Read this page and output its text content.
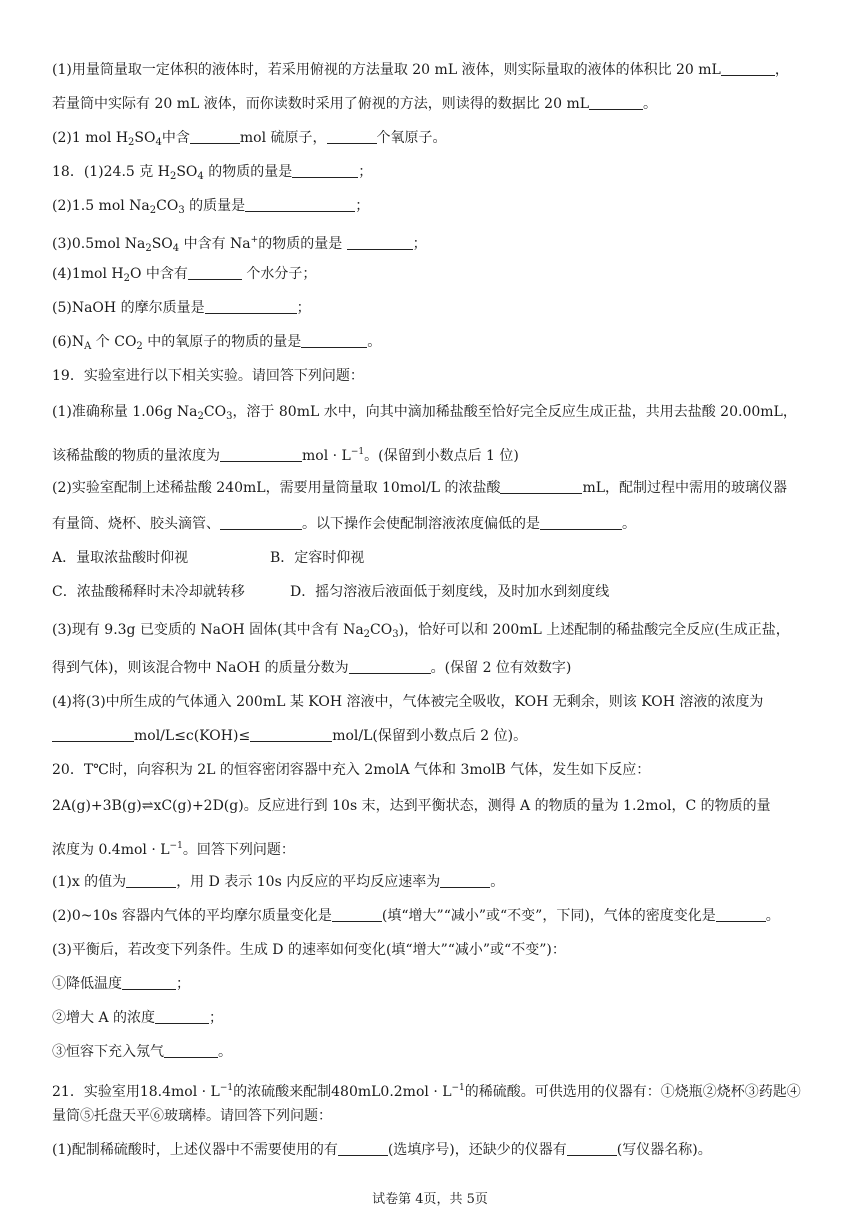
(1)用量筒量取一定体积的液体时，若采用俯视的方法量取 20 mL 液体，则实际量取的液体的体积比 20 mL	，
若量筒中实际有 20 mL 液体，而你读数时采用了俯视的方法，则读得的数据比 20 mL	。
(2)1 mol $H_2SO_4$中含	mol 硫原子，	个氧原子。
18．(1)24.5 克 $H_2SO_4$ 的物质的量是	；
(2)1.5 mol $Na_2CO_3$ 的质量是	；
(3)0.5mol $Na_2SO_4$ 中含有 Na+的物质的量是	；
(4)1mol $H_2O$ 中含有	个水分子；
(5)NaOH 的摩尔质量是	；
$(6)N_A$ 个 $CO_2$ 中的氧原子的物质的量是	。
19．实验室进行以下相关实验。请回答下列问题：
(1)准确称量 1.06g $Na_2CO_3$，溶于 80mL 水中，向其中滴加稀盐酸至恰好完全反应生成正盐，共用去盐酸 20.00mL，
该稀盐酸的物质的量浓度为	mol · $L^{-1}$。(保留到小数点后 1 位)
(2)实验室配制上述稀盐酸 240mL，需要用量筒量取 10mol/L 的浓盐酸	mL，配制过程中需用的玻璃仪器
有量筒、烧杯、胶头滴管、	。以下操作会使配制溶液浓度偏低的是	。
A．量取浓盐酸时仰视	B．定容时仰视
C．浓盐酸稀释时未冷却就转移	D．摇匀溶液后液面低于刻度线，及时加水到刻度线
(3)现有 9.3g 已变质的 NaOH 固体(其中含有 $Na_2CO_3$)，恰好可以和 200mL 上述配制的稀盐酸完全反应(生成正盐，
得到气体)，则该混合物中 NaOH 的质量分数为	。(保留 2 位有效数字)
(4)将(3)中所生成的气体通入 200mL 某 KOH 溶液中，气体被完全吸收，KOH 无剩余，则该 KOH 溶液的浓度为
mol/L≤c(KOH)≤	mol/L(保留到小数点后 2 位)。
20．T℃时，向容积为 2L 的恒容密闭容器中充入 2molA 气体和 3molB 气体，发生如下反应：
2A(g)+3B(g)⇌xC(g)+2D(g)。反应进行到 10s 末，达到平衡状态，测得 A 的物质的量为 1.2mol，C 的物质的量
浓度为 $0.4mol \cdot L^{-1}$。回答下列问题：
(1)x 的值为	，用 D 表示 10s 内反应的平均反应速率为	。
(2)0~10s 容器内气体的平均摩尔质量变化是	(填“增大”“减小”或“不变”，下同)，气体的密度变化是	。
(3)平衡后，若改变下列条件。生成 D 的速率如何变化(填“增大”“减小”或“不变”)：
①降低温度	；
②增大 A 的浓度	；
③恒容下充入氖气	。
21．实验室用$18.4mol \cdot L^{-1}$的浓硫酸来配制$480mL0.2mol \cdot L^{-1}$的稀硫酸。可供选用的仪器有：①烧瓶②烧杯③药匙④
量筒⑤托盘天平⑥玻璃棒。请回答下列问题：
(1)配制稀硫酸时，上述仪器中不需要使用的有	(选填序号)，还缺少的仪器有	(写仪器名称)。
试卷第 4页，共 5页
